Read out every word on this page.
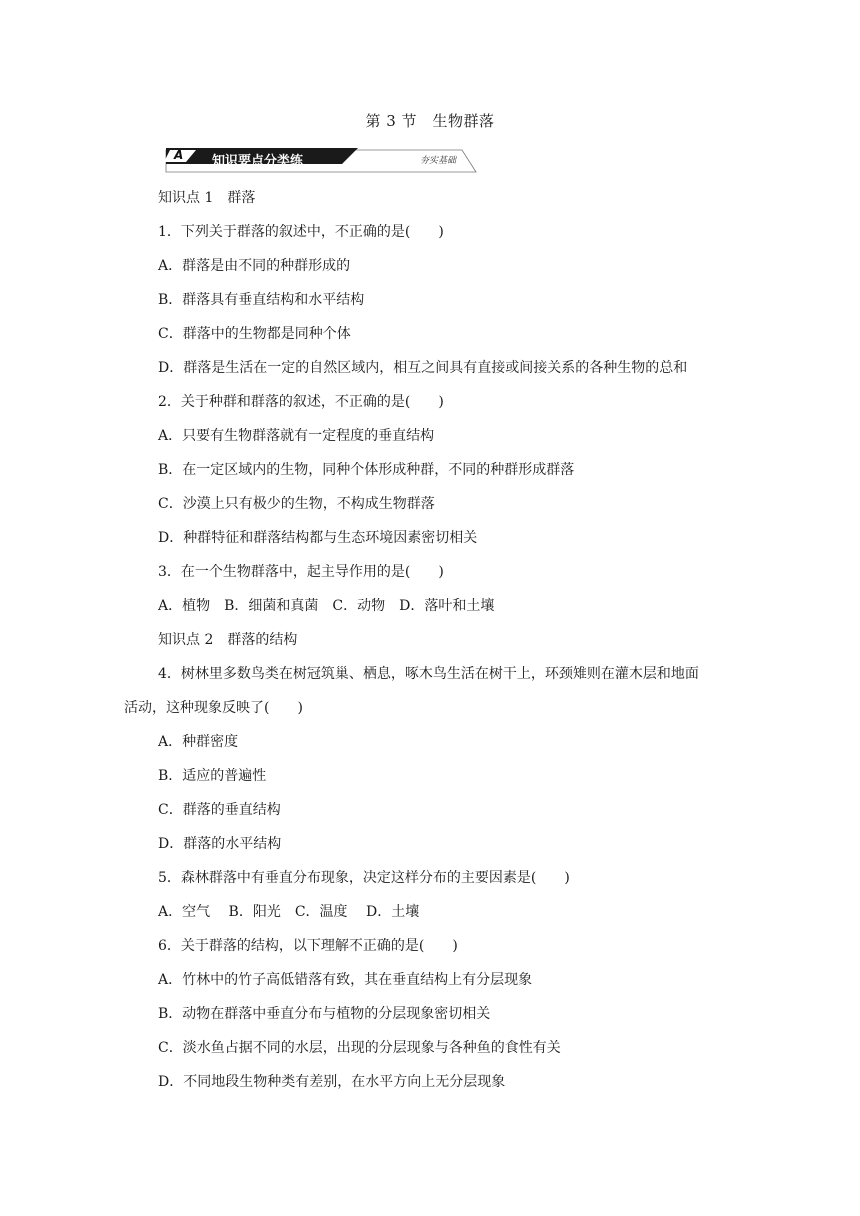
第 3 节　生物群落
A 知识要点分类练	夯实基础
知识点 1　群落
1．下列关于群落的叙述中，不正确的是(　　)
A．群落是由不同的种群形成的
B．群落具有垂直结构和水平结构
C．群落中的生物都是同种个体
D．群落是生活在一定的自然区域内，相互之间具有直接或间接关系的各种生物的总和
2．关于种群和群落的叙述，不正确的是(　　)
A．只要有生物群落就有一定程度的垂直结构
B．在一定区域内的生物，同种个体形成种群，不同的种群形成群落
C．沙漠上只有极少的生物，不构成生物群落
D．种群特征和群落结构都与生态环境因素密切相关
3．在一个生物群落中，起主导作用的是(　　)
A．植物　B．细菌和真菌　C．动物　D．落叶和土壤
知识点 2　群落的结构
4．树林里多数鸟类在树冠筑巢、栖息，啄木鸟生活在树干上，环颈雉则在灌木层和地面
活动，这种现象反映了(　　)
A．种群密度
B．适应的普遍性
C．群落的垂直结构
D．群落的水平结构
5．森林群落中有垂直分布现象，决定这样分布的主要因素是(　　)
A．空气　 B．阳光　C．温度　 D．土壤
6．关于群落的结构，以下理解不正确的是(　　)
A．竹林中的竹子高低错落有致，其在垂直结构上有分层现象
B．动物在群落中垂直分布与植物的分层现象密切相关
C．淡水鱼占据不同的水层，出现的分层现象与各种鱼的食性有关
D．不同地段生物种类有差别，在水平方向上无分层现象
